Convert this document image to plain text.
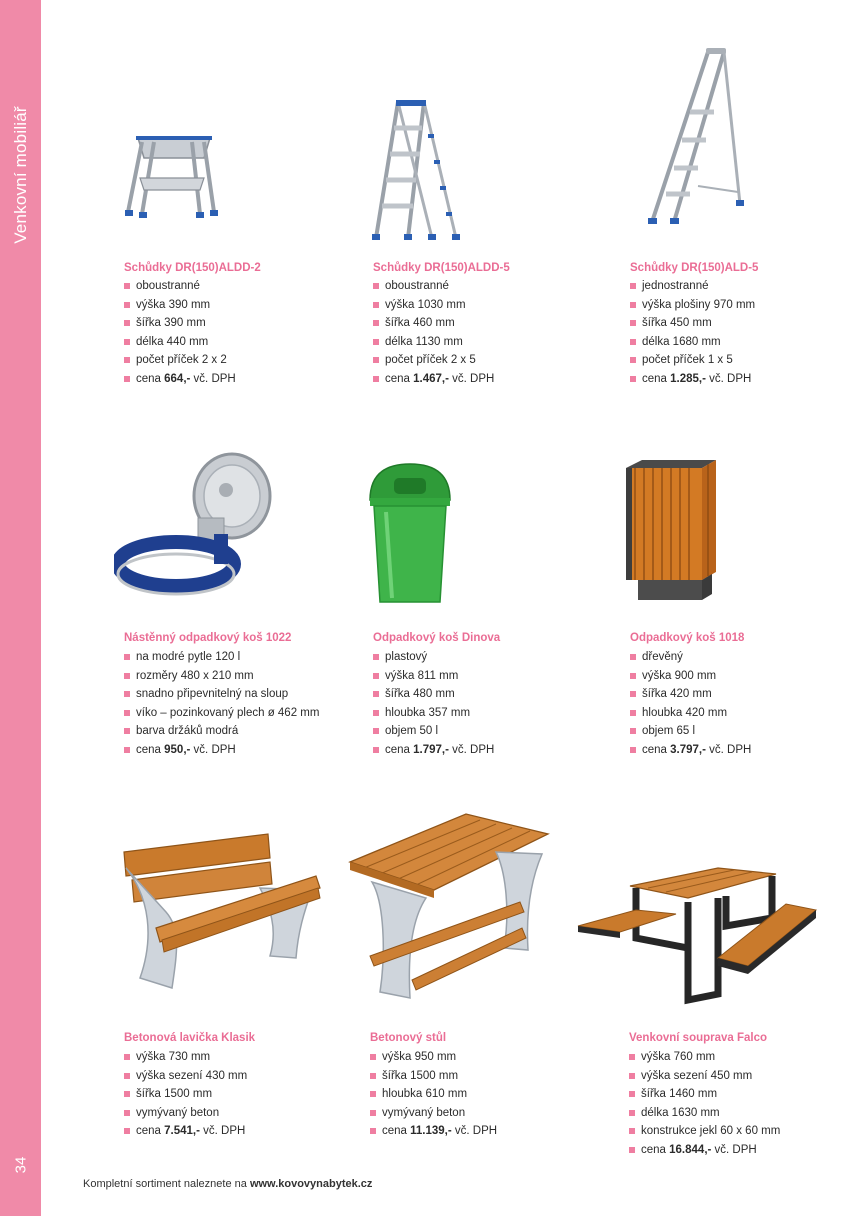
Venkovní mobiliář
34
Schůdky DR(150)ALDD-2
oboustranné
výška 390 mm
šířka 390 mm
délka 440 mm
počet příček 2 x 2
cena 664,- vč. DPH
Schůdky DR(150)ALDD-5
oboustranné
výška 1030 mm
šířka 460 mm
délka 1130 mm
počet příček 2 x 5
cena 1.467,- vč. DPH
Schůdky DR(150)ALD-5
jednostranné
výška plošiny 970 mm
šířka 450 mm
délka 1680 mm
počet příček 1 x 5
cena 1.285,- vč. DPH
Nástěnný odpadkový koš 1022
na modré pytle 120 l
rozměry 480 x 210 mm
snadno připevnitelný na sloup
víko – pozinkovaný plech ø 462 mm
barva držáků modrá
cena 950,- vč. DPH
Odpadkový koš Dinova
plastový
výška 811 mm
šířka 480 mm
hloubka 357 mm
objem 50 l
cena 1.797,- vč. DPH
Odpadkový koš 1018
dřevěný
výška 900 mm
šířka 420 mm
hloubka 420 mm
objem 65 l
cena 3.797,- vč. DPH
Betonová lavička Klasik
výška 730 mm
výška sezení 430 mm
šířka 1500 mm
vymývaný beton
cena 7.541,- vč. DPH
Betonový stůl
výška 950 mm
šířka 1500 mm
hloubka 610 mm
vymývaný beton
cena 11.139,- vč. DPH
Venkovní souprava Falco
výška 760 mm
výška sezení 450 mm
šířka 1460 mm
délka 1630 mm
konstrukce jekl 60 x 60 mm
cena 16.844,- vč. DPH
Kompletní sortiment naleznete na www.kovovynabytek.cz
